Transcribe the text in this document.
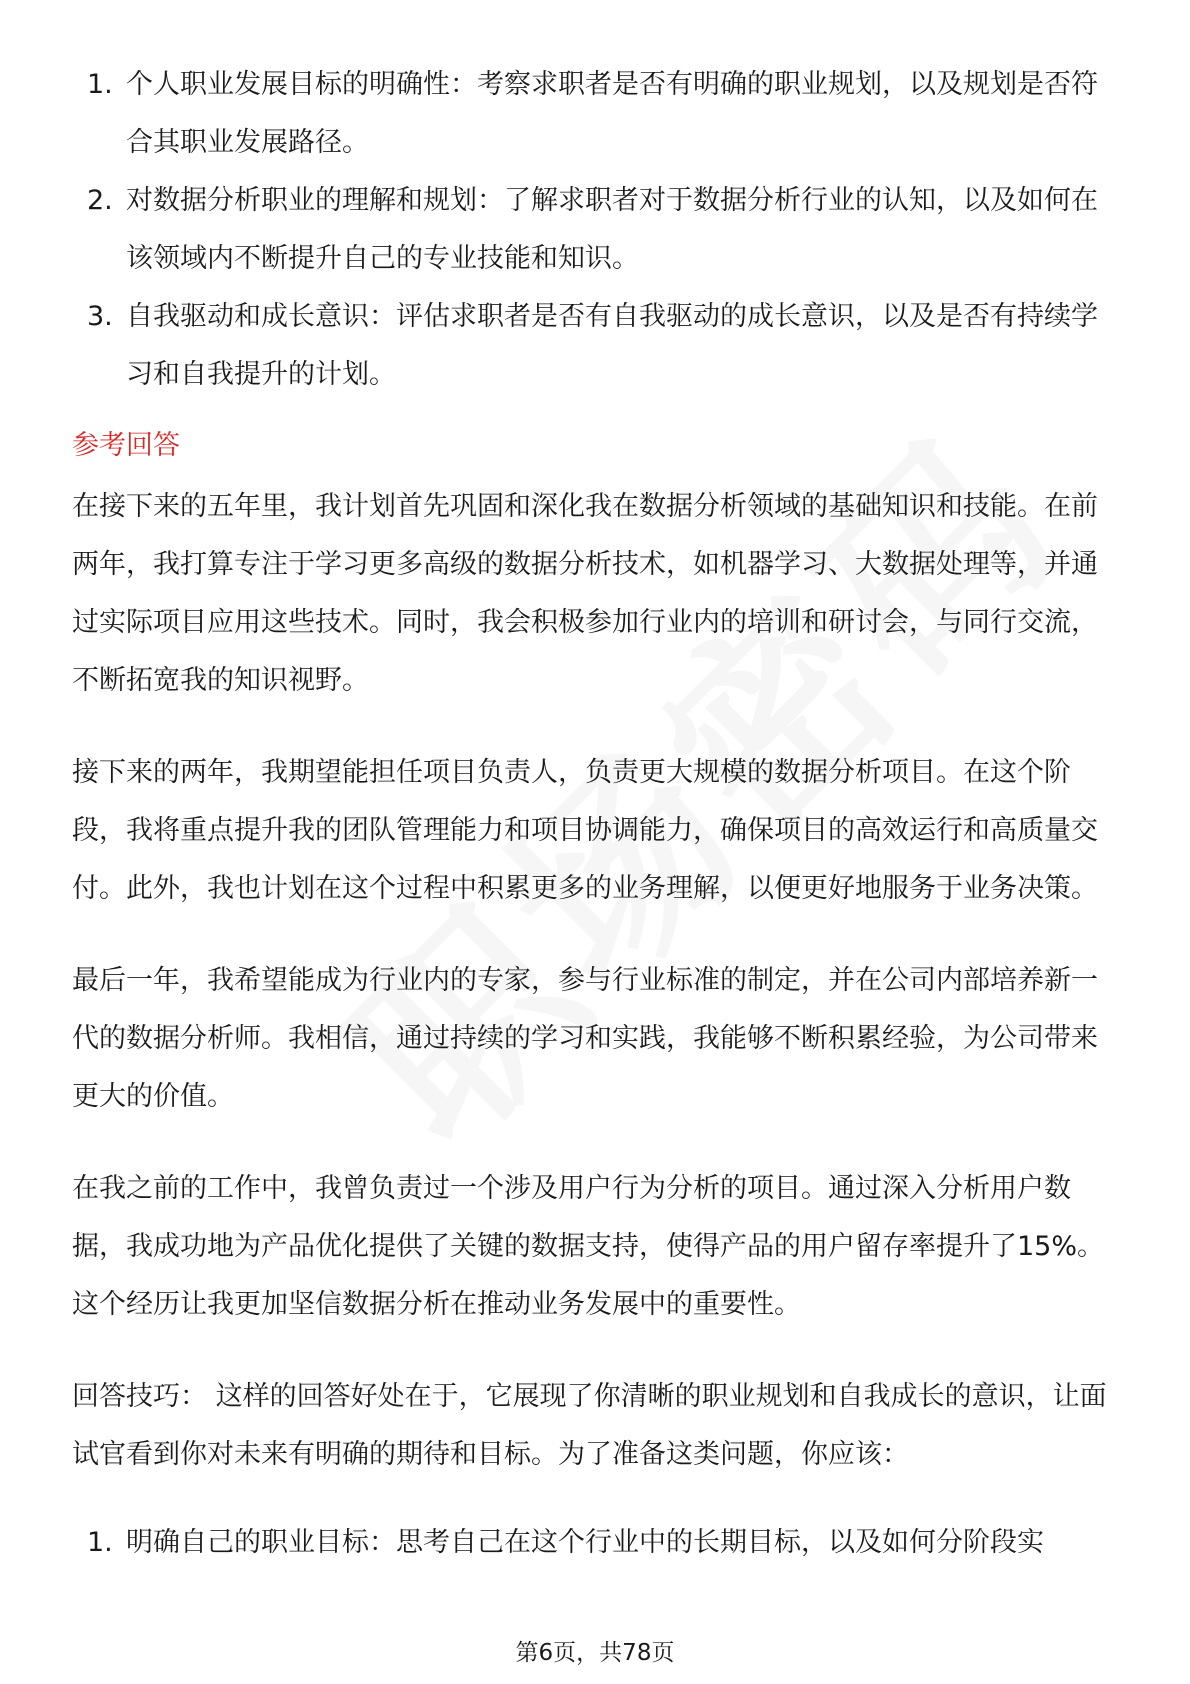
1. 个人职业发展目标的明确性：考察求职者是否有明确的职业规划，以及规划是否符合其职业发展路径。
2. 对数据分析职业的理解和规划：了解求职者对于数据分析行业的认知，以及如何在该领域内不断提升自己的专业技能和知识。
3. 自我驱动和成长意识：评估求职者是否有自我驱动的成长意识，以及是否有持续学习和自我提升的计划。
参考回答

在接下来的五年里，我计划首先巩固和深化我在数据分析领域的基础知识和技能。在前两年，我打算专注于学习更多高级的数据分析技术，如机器学习、大数据处理等，并通过实际项目应用这些技术。同时，我会积极参加行业内的培训和研讨会，与同行交流，不断拓宽我的知识视野。

接下来的两年，我期望能担任项目负责人，负责更大规模的数据分析项目。在这个阶段，我将重点提升我的团队管理能力和项目协调能力，确保项目的高效运行和高质量交付。此外，我也计划在这个过程中积累更多的业务理解，以便更好地服务于业务决策。

最后一年，我希望能成为行业内的专家，参与行业标准的制定，并在公司内部培养新一代的数据分析师。我相信，通过持续的学习和实践，我能够不断积累经验，为公司带来更大的价值。

在我之前的工作中，我曾负责过一个涉及用户行为分析的项目。通过深入分析用户数据，我成功地为产品优化提供了关键的数据支持，使得产品的用户留存率提升了15%。这个经历让我更加坚信数据分析在推动业务发展中的重要性。

回答技巧： 这样的回答好处在于，它展现了你清晰的职业规划和自我成长的意识，让面试官看到你对未来有明确的期待和目标。为了准备这类问题，你应该：

1. 明确自己的职业目标：思考自己在这个行业中的长期目标，以及如何分阶段实
第6页，共78页
